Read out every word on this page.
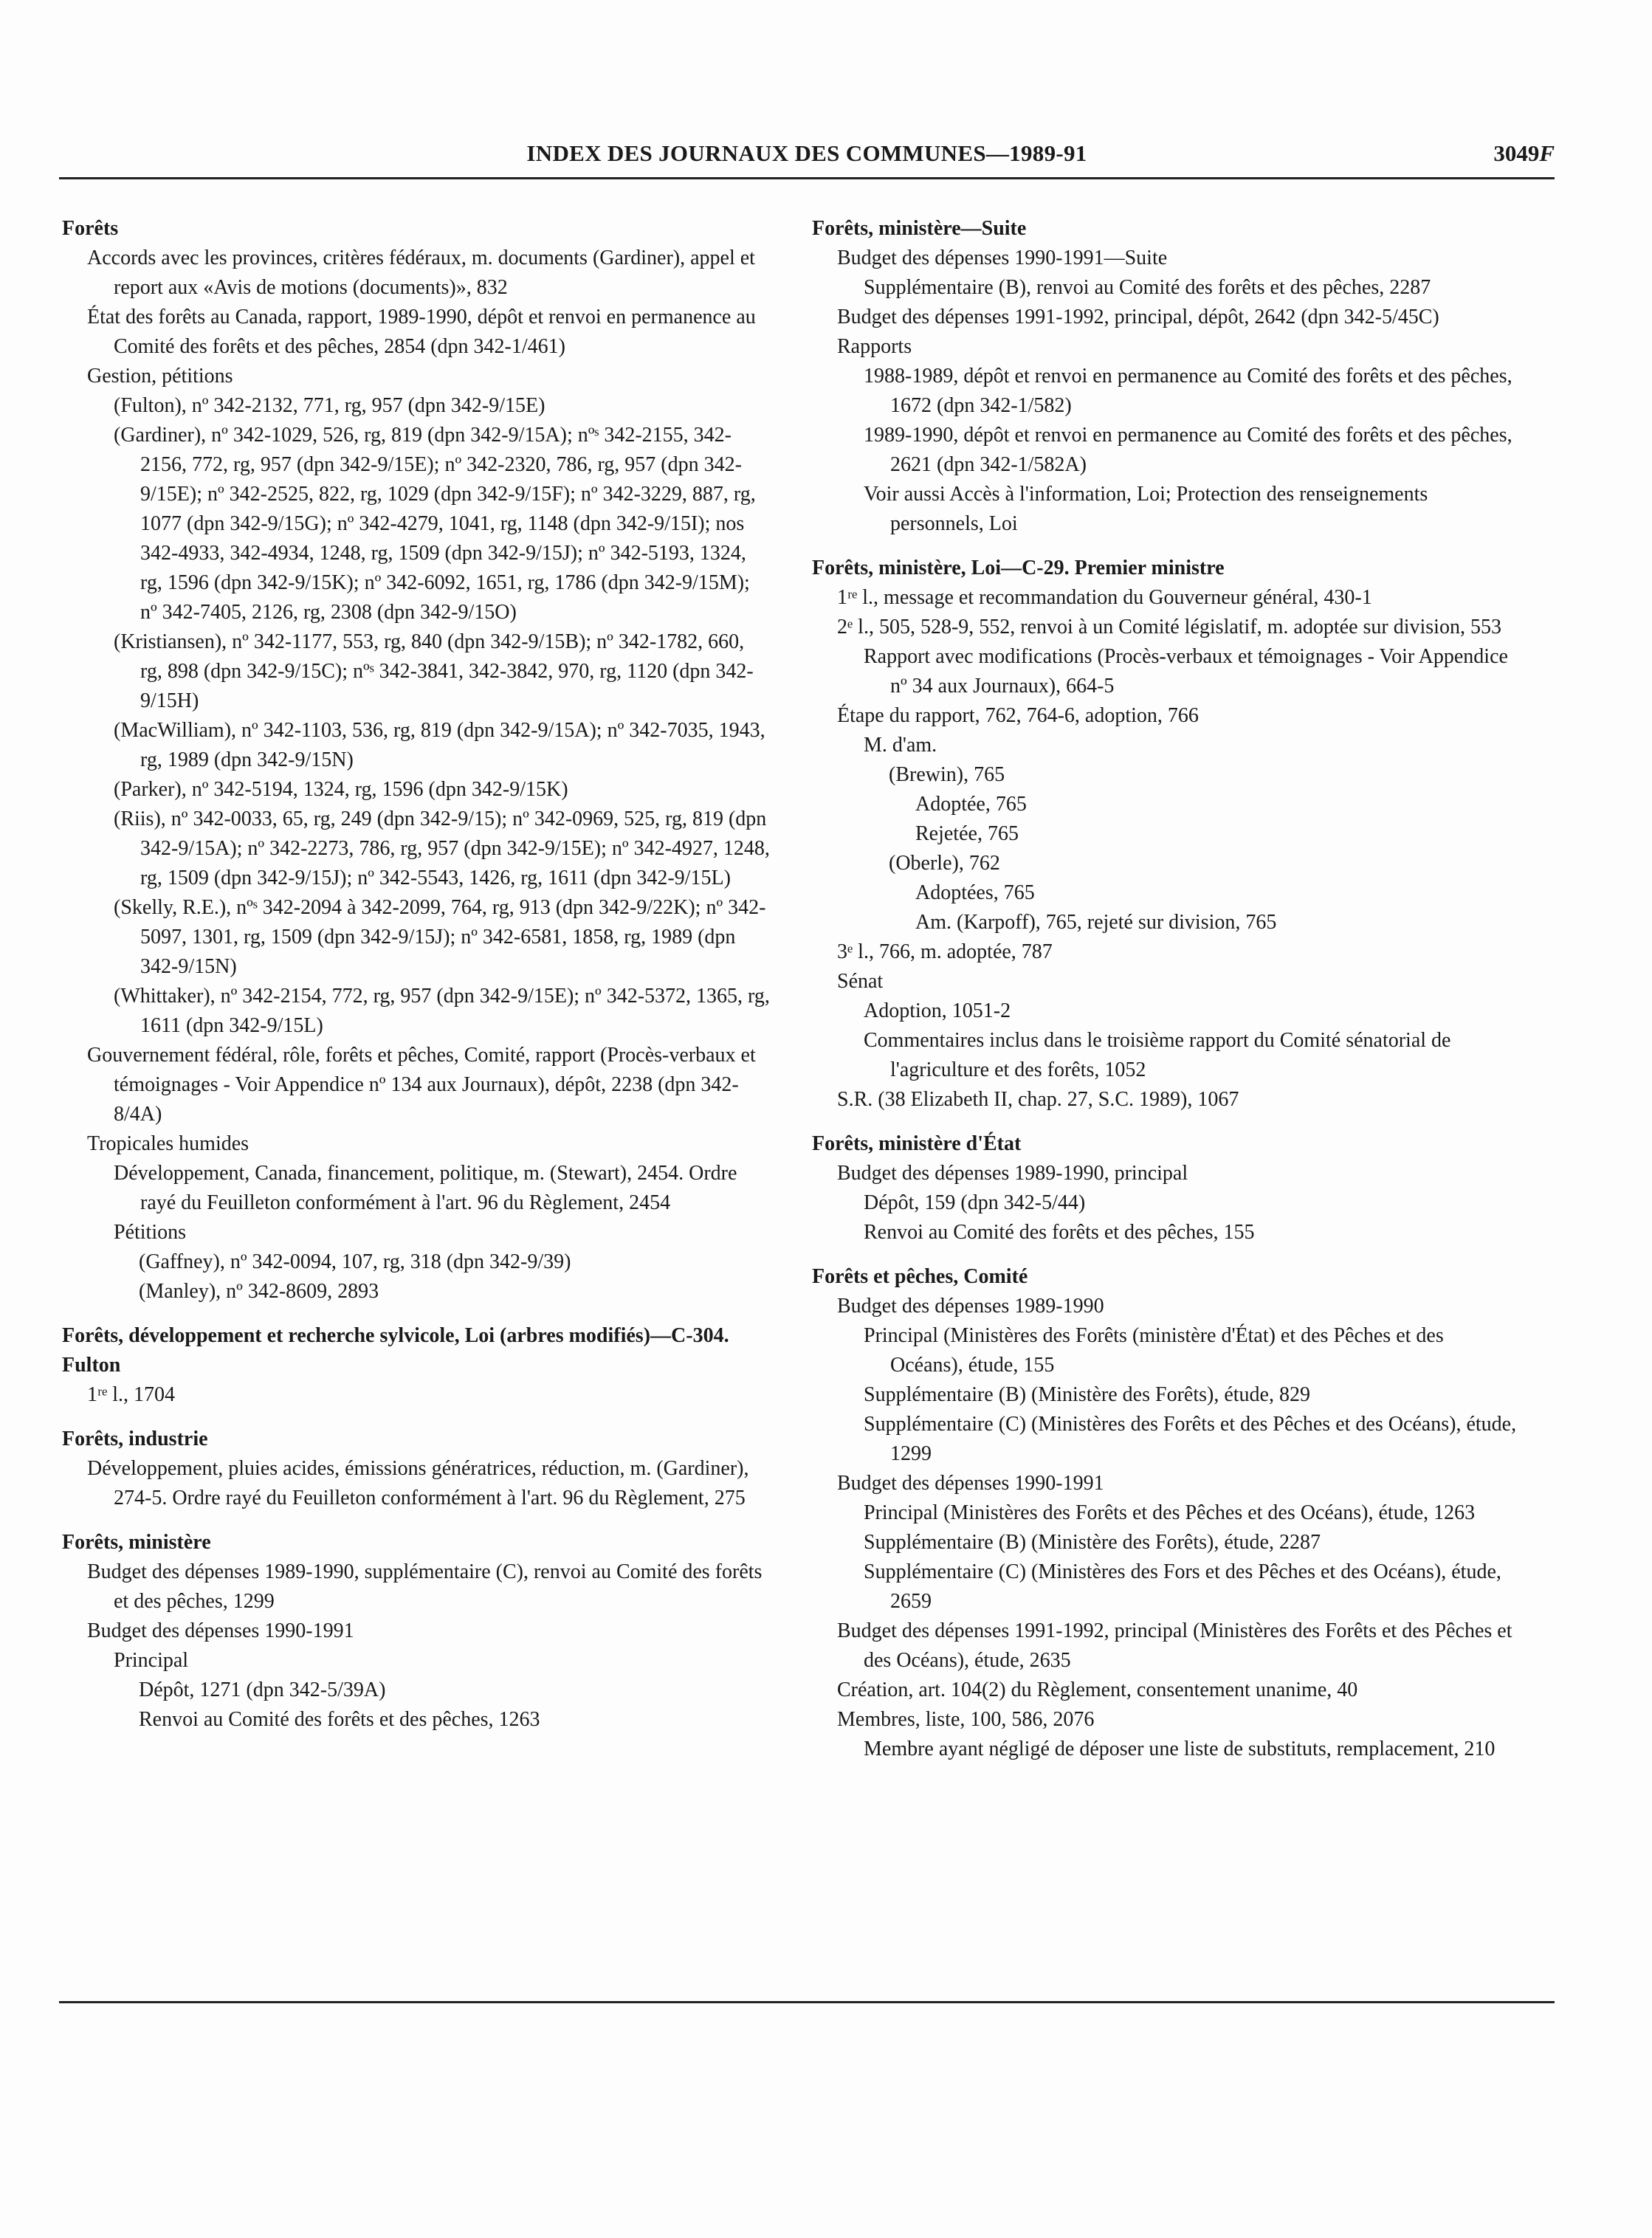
INDEX DES JOURNAUX DES COMMUNES—1989-91	3049F
Forêts
Accords avec les provinces, critères fédéraux, m. documents (Gardiner), appel et report aux «Avis de motions (documents)», 832
État des forêts au Canada, rapport, 1989-1990, dépôt et renvoi en permanence au Comité des forêts et des pêches, 2854 (dpn 342-1/461)
Gestion, pétitions
(Fulton), nº 342-2132, 771, rg, 957 (dpn 342-9/15E)
(Gardiner), nº 342-1029, 526, rg, 819 (dpn 342-9/15A); nºˢ 342-2155, 342-2156, 772, rg, 957 (dpn 342-9/15E); nº 342-2320, 786, rg, 957 (dpn 342-9/15E); nº 342-2525, 822, rg, 1029 (dpn 342-9/15F); nº 342-3229, 887, rg, 1077 (dpn 342-9/15G); nº 342-4279, 1041, rg, 1148 (dpn 342-9/15I); nos 342-4933, 342-4934, 1248, rg, 1509 (dpn 342-9/15J); nº 342-5193, 1324, rg, 1596 (dpn 342-9/15K); nº 342-6092, 1651, rg, 1786 (dpn 342-9/15M); nº 342-7405, 2126, rg, 2308 (dpn 342-9/15O)
(Kristiansen), nº 342-1177, 553, rg, 840 (dpn 342-9/15B); nº 342-1782, 660, rg, 898 (dpn 342-9/15C); nºˢ 342-3841, 342-3842, 970, rg, 1120 (dpn 342-9/15H)
(MacWilliam), nº 342-1103, 536, rg, 819 (dpn 342-9/15A); nº 342-7035, 1943, rg, 1989 (dpn 342-9/15N)
(Parker), nº 342-5194, 1324, rg, 1596 (dpn 342-9/15K)
(Riis), nº 342-0033, 65, rg, 249 (dpn 342-9/15); nº 342-0969, 525, rg, 819 (dpn 342-9/15A); nº 342-2273, 786, rg, 957 (dpn 342-9/15E); nº 342-4927, 1248, rg, 1509 (dpn 342-9/15J); nº 342-5543, 1426, rg, 1611 (dpn 342-9/15L)
(Skelly, R.E.), nºˢ 342-2094 à 342-2099, 764, rg, 913 (dpn 342-9/22K); nº 342-5097, 1301, rg, 1509 (dpn 342-9/15J); nº 342-6581, 1858, rg, 1989 (dpn 342-9/15N)
(Whittaker), nº 342-2154, 772, rg, 957 (dpn 342-9/15E); nº 342-5372, 1365, rg, 1611 (dpn 342-9/15L)
Gouvernement fédéral, rôle, forêts et pêches, Comité, rapport (Procès-verbaux et témoignages - Voir Appendice nº 134 aux Journaux), dépôt, 2238 (dpn 342-8/4A)
Tropicales humides
Développement, Canada, financement, politique, m. (Stewart), 2454. Ordre rayé du Feuilleton conformément à l'art. 96 du Règlement, 2454
Pétitions
(Gaffney), nº 342-0094, 107, rg, 318 (dpn 342-9/39)
(Manley), nº 342-8609, 2893
Forêts, développement et recherche sylvicole, Loi (arbres modifiés)—C-304. Fulton
1ʳᵉ l., 1704
Forêts, industrie
Développement, pluies acides, émissions génératrices, réduction, m. (Gardiner), 274-5. Ordre rayé du Feuilleton conformément à l'art. 96 du Règlement, 275
Forêts, ministère
Budget des dépenses 1989-1990, supplémentaire (C), renvoi au Comité des forêts et des pêches, 1299
Budget des dépenses 1990-1991
Principal
Dépôt, 1271 (dpn 342-5/39A)
Renvoi au Comité des forêts et des pêches, 1263
Forêts, ministère—Suite
Budget des dépenses 1990-1991—Suite
Supplémentaire (B), renvoi au Comité des forêts et des pêches, 2287
Budget des dépenses 1991-1992, principal, dépôt, 2642 (dpn 342-5/45C)
Rapports
1988-1989, dépôt et renvoi en permanence au Comité des forêts et des pêches, 1672 (dpn 342-1/582)
1989-1990, dépôt et renvoi en permanence au Comité des forêts et des pêches, 2621 (dpn 342-1/582A)
Voir aussi Accès à l'information, Loi; Protection des renseignements personnels, Loi
Forêts, ministère, Loi—C-29. Premier ministre
1ʳᵉ l., message et recommandation du Gouverneur général, 430-1
2ᵉ l., 505, 528-9, 552, renvoi à un Comité législatif, m. adoptée sur division, 553
Rapport avec modifications (Procès-verbaux et témoignages - Voir Appendice nº 34 aux Journaux), 664-5
Étape du rapport, 762, 764-6, adoption, 766
M. d'am.
(Brewin), 765
Adoptée, 765
Rejetée, 765
(Oberle), 762
Adoptées, 765
Am. (Karpoff), 765, rejeté sur division, 765
3ᵉ l., 766, m. adoptée, 787
Sénat
Adoption, 1051-2
Commentaires inclus dans le troisième rapport du Comité sénatorial de l'agriculture et des forêts, 1052
S.R. (38 Elizabeth II, chap. 27, S.C. 1989), 1067
Forêts, ministère d'État
Budget des dépenses 1989-1990, principal
Dépôt, 159 (dpn 342-5/44)
Renvoi au Comité des forêts et des pêches, 155
Forêts et pêches, Comité
Budget des dépenses 1989-1990
Principal (Ministères des Forêts (ministère d'État) et des Pêches et des Océans), étude, 155
Supplémentaire (B) (Ministère des Forêts), étude, 829
Supplémentaire (C) (Ministères des Forêts et des Pêches et des Océans), étude, 1299
Budget des dépenses 1990-1991
Principal (Ministères des Forêts et des Pêches et des Océans), étude, 1263
Supplémentaire (B) (Ministère des Forêts), étude, 2287
Supplémentaire (C) (Ministères des Fors et des Pêches et des Océans), étude, 2659
Budget des dépenses 1991-1992, principal (Ministères des Forêts et des Pêches et des Océans), étude, 2635
Création, art. 104(2) du Règlement, consentement unanime, 40
Membres, liste, 100, 586, 2076
Membre ayant négligé de déposer une liste de substituts, remplacement, 210
